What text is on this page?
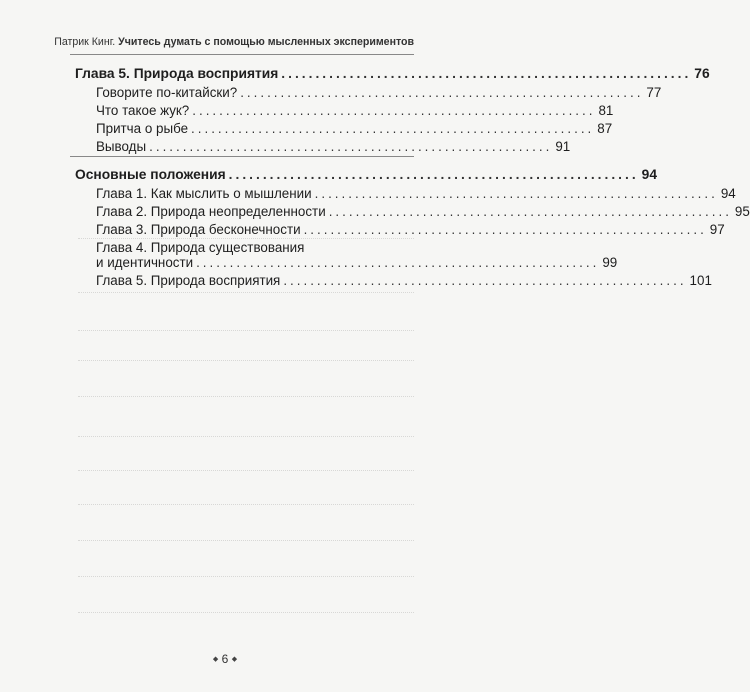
Патрик Кинг. Учитесь думать с помощью мысленных экспериментов
Глава 5. Природа восприятия ............................................................ 76
Говорите по-китайски? ............................................................ 77
Что такое жук? ............................................................ 81
Притча о рыбе ............................................................ 87
Выводы ............................................................ 91
Основные положения ............................................................ 94
Глава 1. Как мыслить о мышлении ............................................................ 94
Глава 2. Природа неопределенности ............................................................ 95
Глава 3. Природа бесконечности ............................................................ 97
Глава 4. Природа существования
и идентичности ............................................................ 99
Глава 5. Природа восприятия ............................................................ 101
◆ 6 ◆
